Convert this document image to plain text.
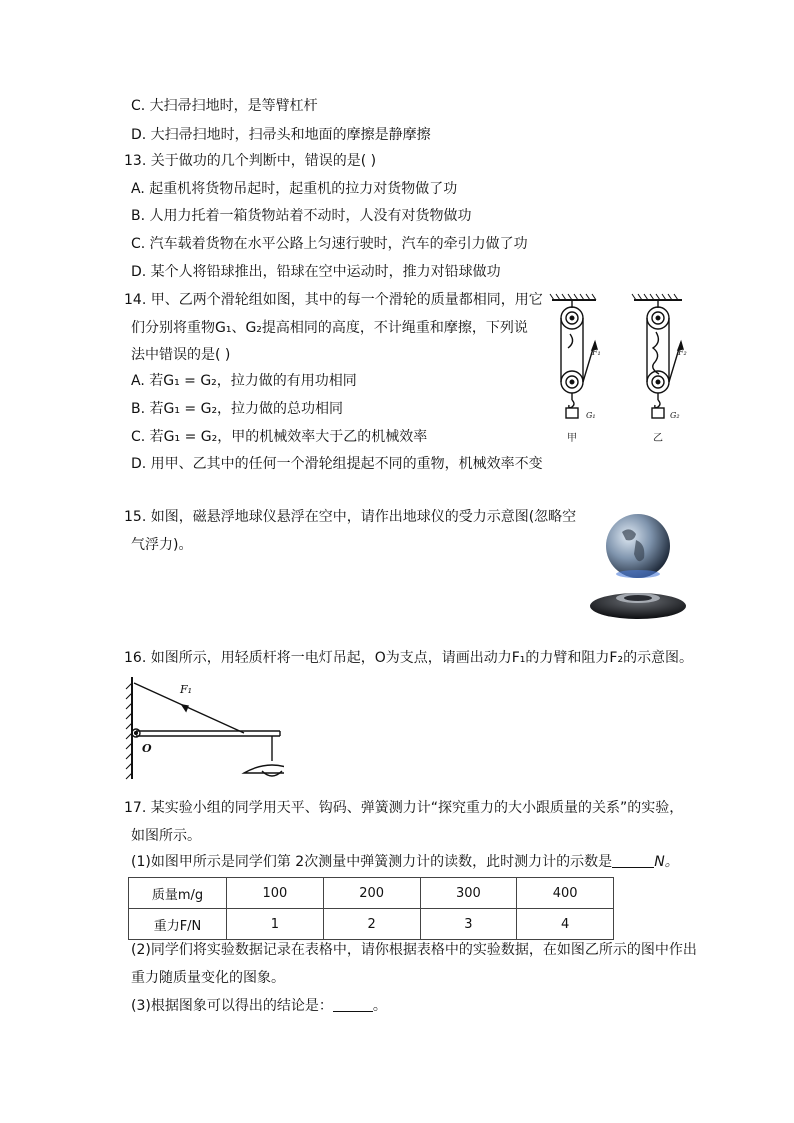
C. 大扫帚扫地时，是等臂杠杆
D. 大扫帚扫地时，扫帚头和地面的摩擦是静摩擦
13. 关于做功的几个判断中，错误的是( )
A. 起重机将货物吊起时，起重机的拉力对货物做了功
B. 人用力托着一箱货物站着不动时，人没有对货物做功
C. 汽车载着货物在水平公路上匀速行驶时，汽车的牵引力做了功
D. 某个人将铅球推出，铅球在空中运动时，推力对铅球做功
14. 甲、乙两个滑轮组如图，其中的每一个滑轮的质量都相同，用它
们分别将重物G₁、G₂提高相同的高度，不计绳重和摩擦，下列说
法中错误的是( )
A. 若G₁ = G₂，拉力做的有用功相同
B. 若G₁ = G₂，拉力做的总功相同
C. 若G₁ = G₂，甲的机械效率大于乙的机械效率
D. 用甲、乙其中的任何一个滑轮组提起不同的重物，机械效率不变
F₁
G₁
甲
F₂
G₂
乙
15. 如图，磁悬浮地球仪悬浮在空中，请作出地球仪的受力示意图(忽略空
气浮力)。
16. 如图所示，用轻质杆将一电灯吊起，O为支点，请画出动力F₁的力臂和阻力F₂的示意图。
F₁
O
17. 某实验小组的同学用天平、钩码、弹簧测力计“探究重力的大小跟质量的关系”的实验，
如图所示。
(1)如图甲所示是同学们第 2次测量中弹簧测力计的读数，此时测力计的示数是	N。
质量m/g	100	200	300	400
重力F/N	1	2	3	4
(2)同学们将实验数据记录在表格中，请你根据表格中的实验数据，在如图乙所示的图中作出
重力随质量变化的图象。
(3)根据图象可以得出的结论是：	。
